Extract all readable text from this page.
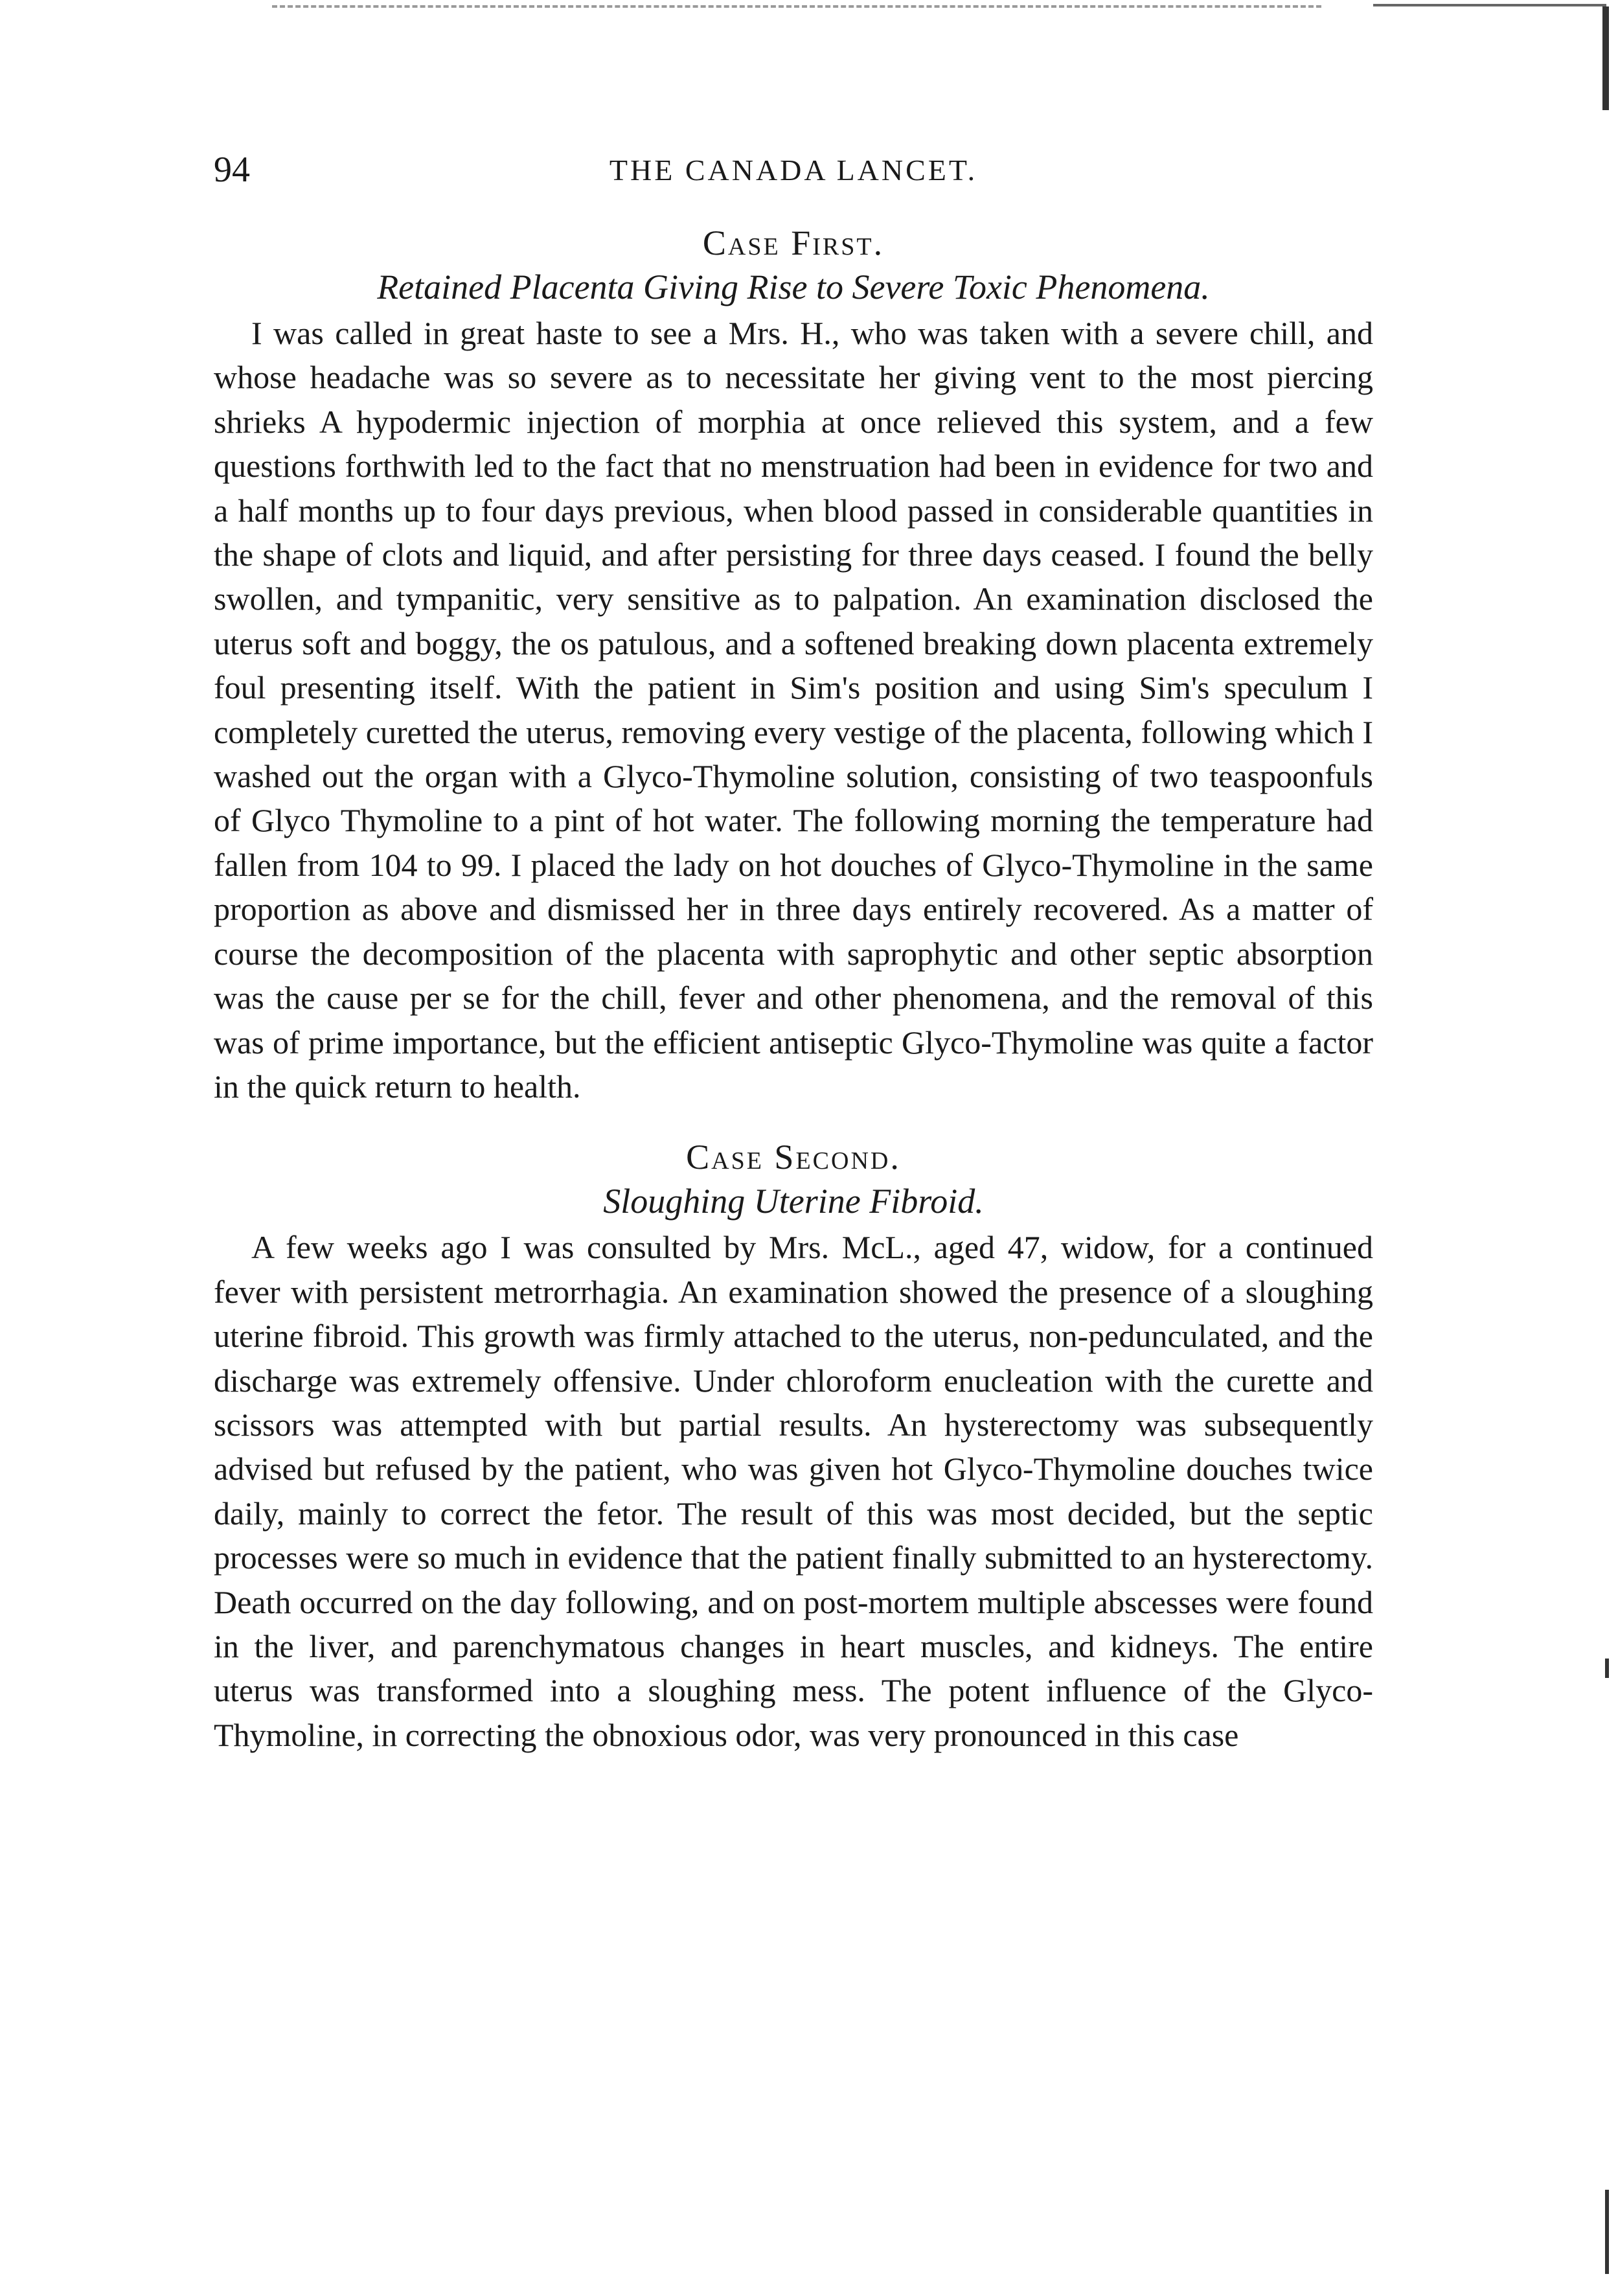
94	THE CANADA LANCET.
Case First.
Retained Placenta Giving Rise to Severe Toxic Phenomena.

I was called in great haste to see a Mrs. H., who was taken with a severe chill, and whose headache was so severe as to necessitate her giving vent to the most piercing shrieks A hypodermic injection of morphia at once relieved this system, and a few questions forthwith led to the fact that no menstruation had been in evidence for two and a half months up to four days previous, when blood passed in considerable quantities in the shape of clots and liquid, and after persisting for three days ceased. I found the belly swollen, and tympanitic, very sensitive as to palpation. An examination disclosed the uterus soft and boggy, the os patulous, and a softened breaking down placenta extremely foul presenting itself. With the patient in Sim's position and using Sim's speculum I completely curetted the uterus, removing every vestige of the placenta, following which I washed out the organ with a Glyco-Thymoline solution, consisting of two teaspoonfuls of Glyco Thymoline to a pint of hot water. The following morning the temperature had fallen from 104 to 99. I placed the lady on hot douches of Glyco-Thymoline in the same proportion as above and dismissed her in three days entirely recovered. As a matter of course the decomposition of the placenta with saprophytic and other septic absorption was the cause per se for the chill, fever and other phenomena, and the removal of this was of prime importance, but the efficient antiseptic Glyco-Thymoline was quite a factor in the quick return to health.

Case Second.
Sloughing Uterine Fibroid.

A few weeks ago I was consulted by Mrs. McL., aged 47, widow, for a continued fever with persistent metrorrhagia. An examination showed the presence of a sloughing uterine fibroid. This growth was firmly attached to the uterus, non-pedunculated, and the discharge was extremely offensive. Under chloroform enucleation with the curette and scissors was attempted with but partial results. An hysterectomy was subsequently advised but refused by the patient, who was given hot Glyco-Thymoline douches twice daily, mainly to correct the fetor. The result of this was most decided, but the septic processes were so much in evidence that the patient finally submitted to an hysterectomy. Death occurred on the day following, and on post-mortem multiple abscesses were found in the liver, and parenchymatous changes in heart muscles, and kidneys. The entire uterus was transformed into a sloughing mess. The potent influence of the Glyco-Thymoline, in correcting the obnoxious odor, was very pronounced in this case
